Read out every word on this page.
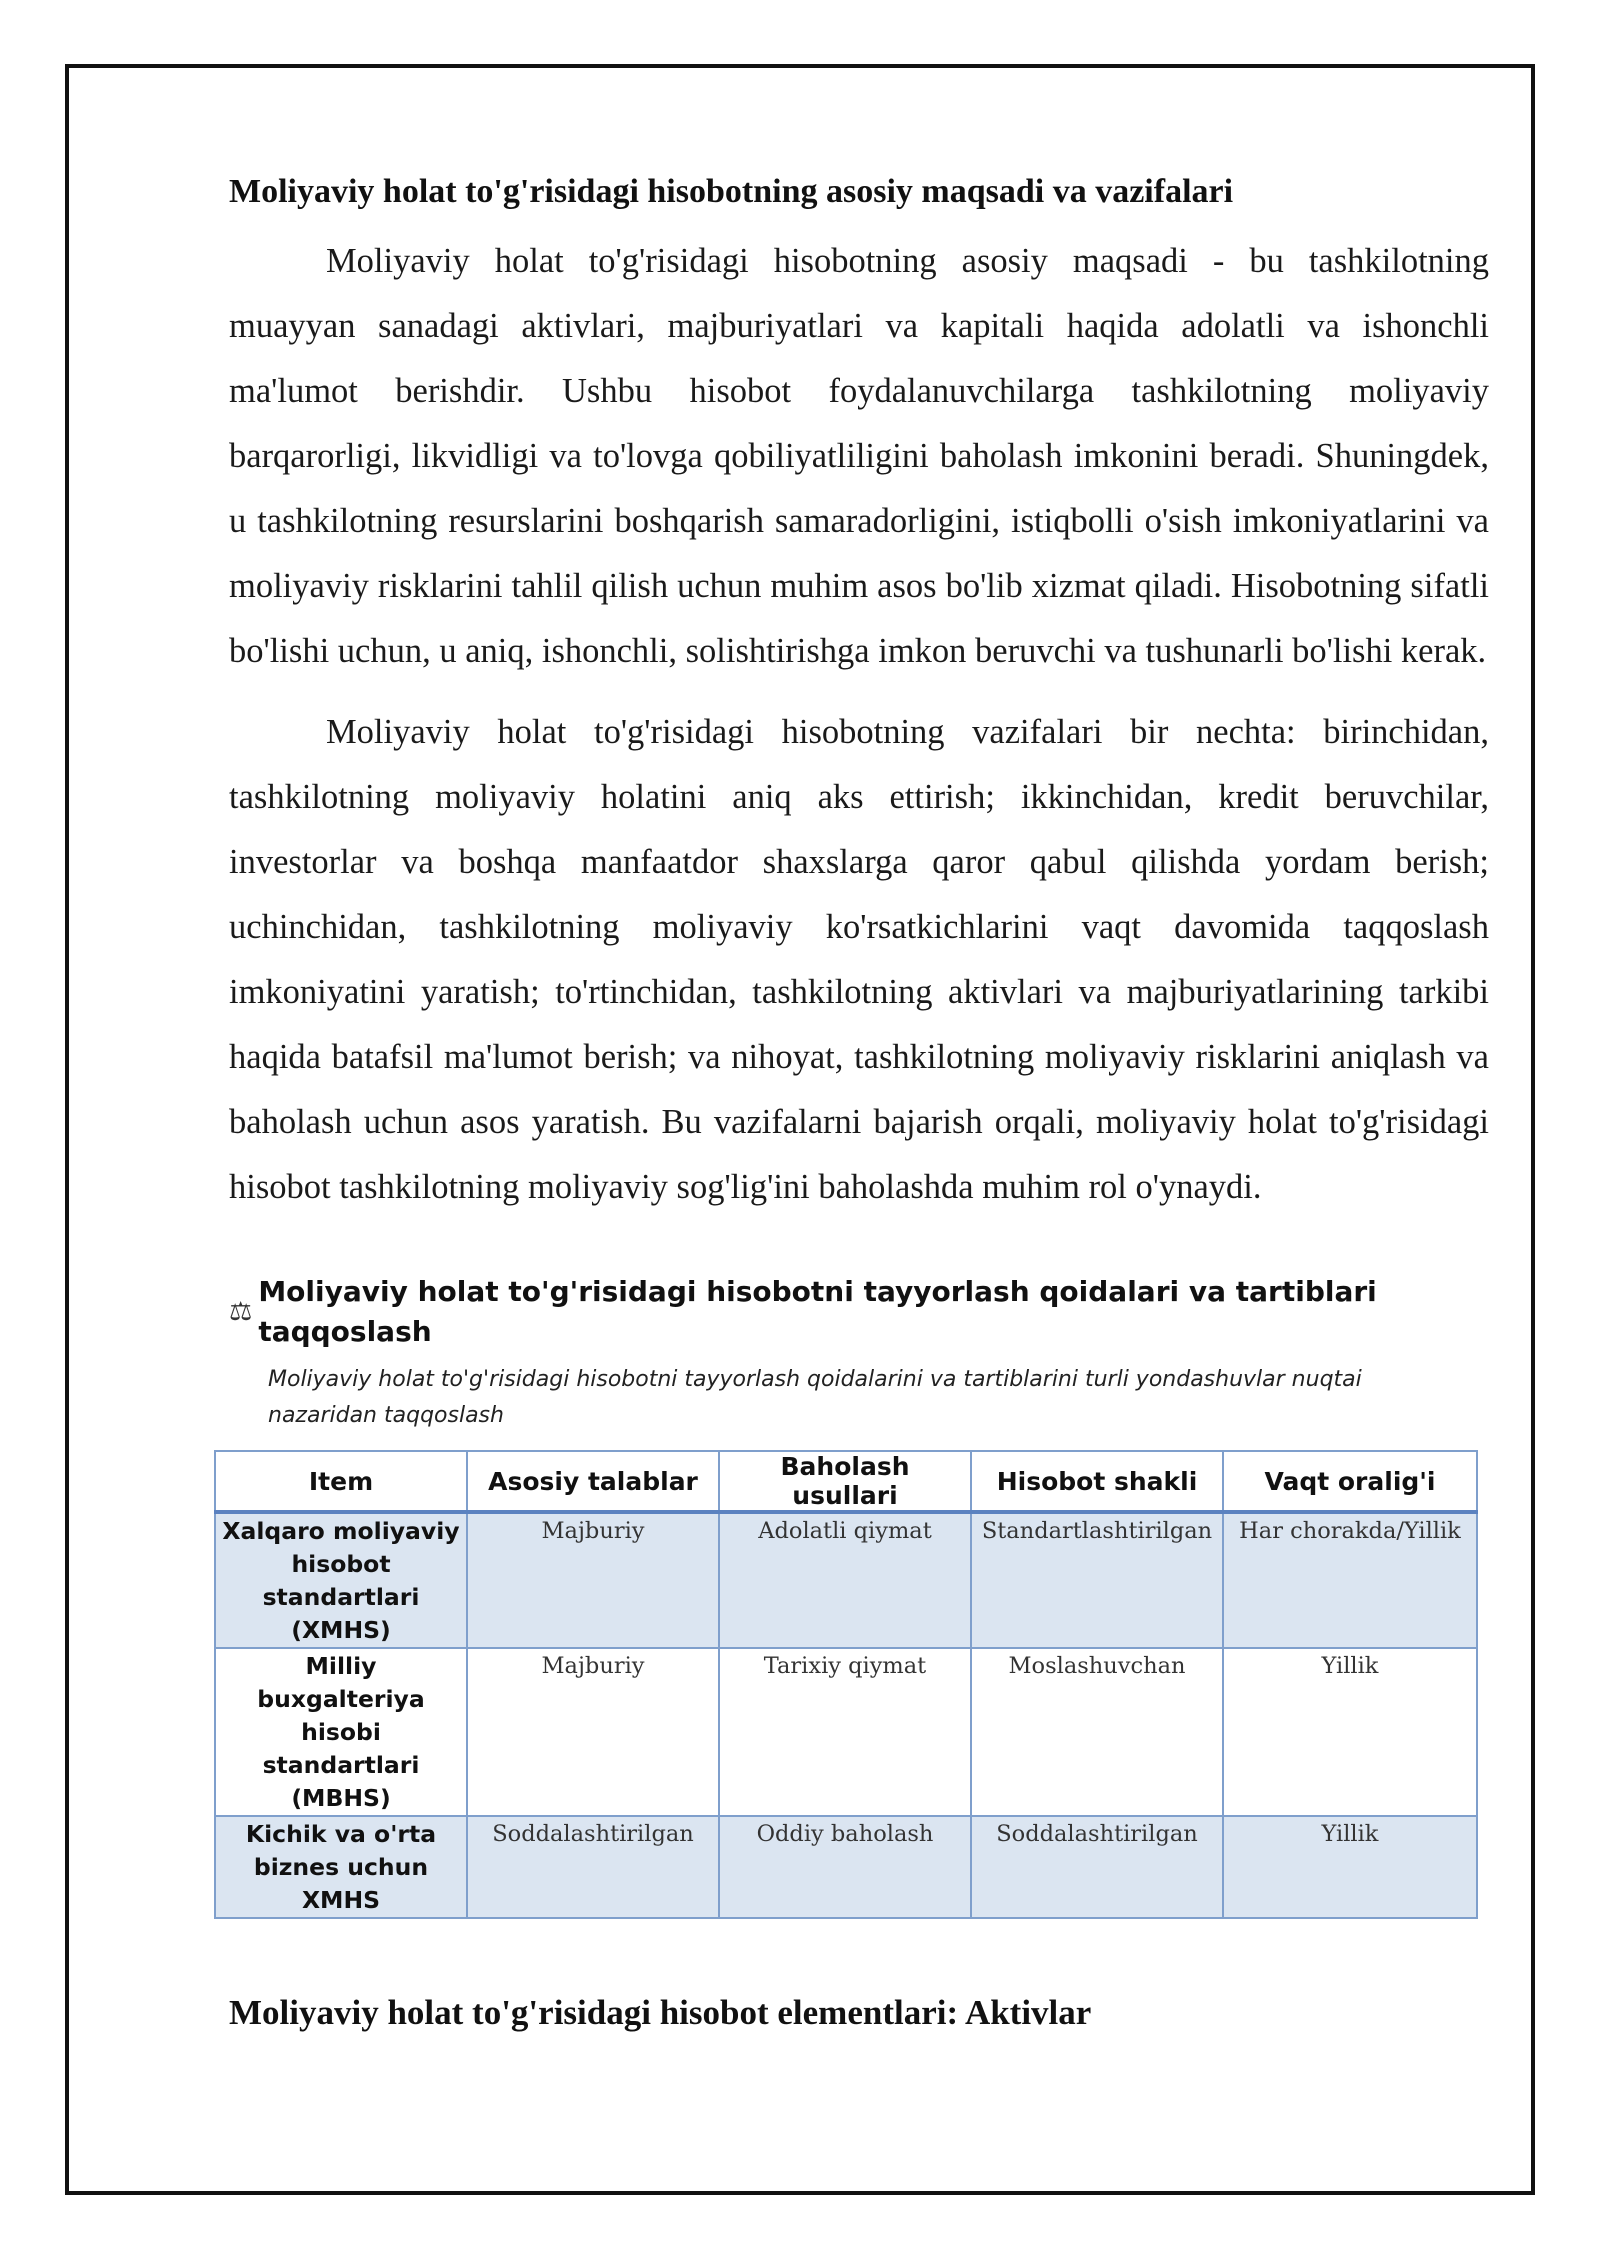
Moliyaviy holat to'g'risidagi hisobotning asosiy maqsadi va vazifalari

Moliyaviy holat to'g'risidagi hisobotning asosiy maqsadi - bu tashkilotning muayyan sanadagi aktivlari, majburiyatlari va kapitali haqida adolatli va ishonchli ma'lumot berishdir. Ushbu hisobot foydalanuvchilarga tashkilotning moliyaviy barqarorligi, likvidligi va to'lovga qobiliyatliligini baholash imkonini beradi. Shuningdek, u tashkilotning resurslarini boshqarish samaradorligini, istiqbolli o'sish imkoniyatlarini va moliyaviy risklarini tahlil qilish uchun muhim asos bo'lib xizmat qiladi. Hisobotning sifatli bo'lishi uchun, u aniq, ishonchli, solishtirishga imkon beruvchi va tushunarli bo'lishi kerak.

Moliyaviy holat to'g'risidagi hisobotning vazifalari bir nechta: birinchidan, tashkilotning moliyaviy holatini aniq aks ettirish; ikkinchidan, kredit beruvchilar, investorlar va boshqa manfaatdor shaxslarga qaror qabul qilishda yordam berish; uchinchidan, tashkilotning moliyaviy ko'rsatkichlarini vaqt davomida taqqoslash imkoniyatini yaratish; to'rtinchidan, tashkilotning aktivlari va majburiyatlarining tarkibi haqida batafsil ma'lumot berish; va nihoyat, tashkilotning moliyaviy risklarini aniqlash va baholash uchun asos yaratish. Bu vazifalarni bajarish orqali, moliyaviy holat to'g'risidagi hisobot tashkilotning moliyaviy sog'lig'ini baholashda muhim rol o'ynaydi.

⚖
Moliyaviy holat to'g'risidagi hisobotni tayyorlash qoidalari va tartiblari taqqoslash
Moliyaviy holat to'g'risidagi hisobotni tayyorlash qoidalarini va tartiblarini turli yondashuvlar nuqtai nazaridan taqqoslash
Item	Asosiy talablar	Baholash usullari	Hisobot shakli	Vaqt oralig'i
Xalqaro moliyaviy hisobot standartlari (XMHS)	Majburiy	Adolatli qiymat	Standartlashtirilgan	Har chorakda/Yillik
Milliy buxgalteriya hisobi standartlari (MBHS)	Majburiy	Tarixiy qiymat	Moslashuvchan	Yillik
Kichik va o'rta biznes uchun XMHS	Soddalashtirilgan	Oddiy baholash	Soddalashtirilgan	Yillik
Moliyaviy holat to'g'risidagi hisobot elementlari: Aktivlar
